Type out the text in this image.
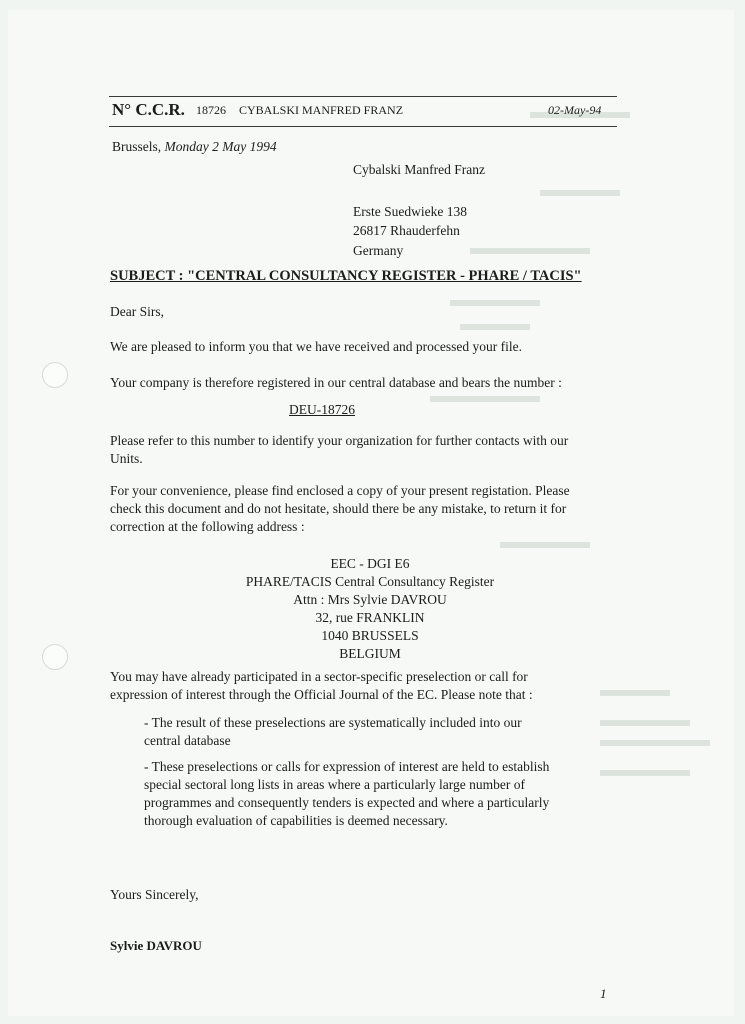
N° C.C.R. 18726 CYBALSKI MANFRED FRANZ	02-May-94
Brussels, Monday 2 May 1994
Cybalski Manfred Franz
Erste Suedwieke 138
26817 Rhauderfehn
Germany
SUBJECT : "CENTRAL CONSULTANCY REGISTER - PHARE / TACIS"
Dear Sirs,
We are pleased to inform you that we have received and processed your file.
Your company is therefore registered in our central database and bears the number :
DEU-18726
Please refer to this number to identify your organization for further contacts with our
Units.
For your convenience, please find enclosed a copy of your present registation. Please
check this document and do not hesitate, should there be any mistake, to return it for
correction at the following address :
EEC - DGI E6
PHARE/TACIS Central Consultancy Register
Attn : Mrs Sylvie DAVROU
32, rue FRANKLIN
1040 BRUSSELS
BELGIUM
You may have already participated in a sector-specific preselection or call for
expression of interest through the Official Journal of the EC. Please note that :
- The result of these preselections are systematically included into our
central database
- These preselections or calls for expression of interest are held to establish
special sectoral long lists in areas where a particularly large number of
programmes and consequently tenders is expected and where a particularly
thorough evaluation of capabilities is deemed necessary.
Yours Sincerely,
Sylvie DAVROU
1
